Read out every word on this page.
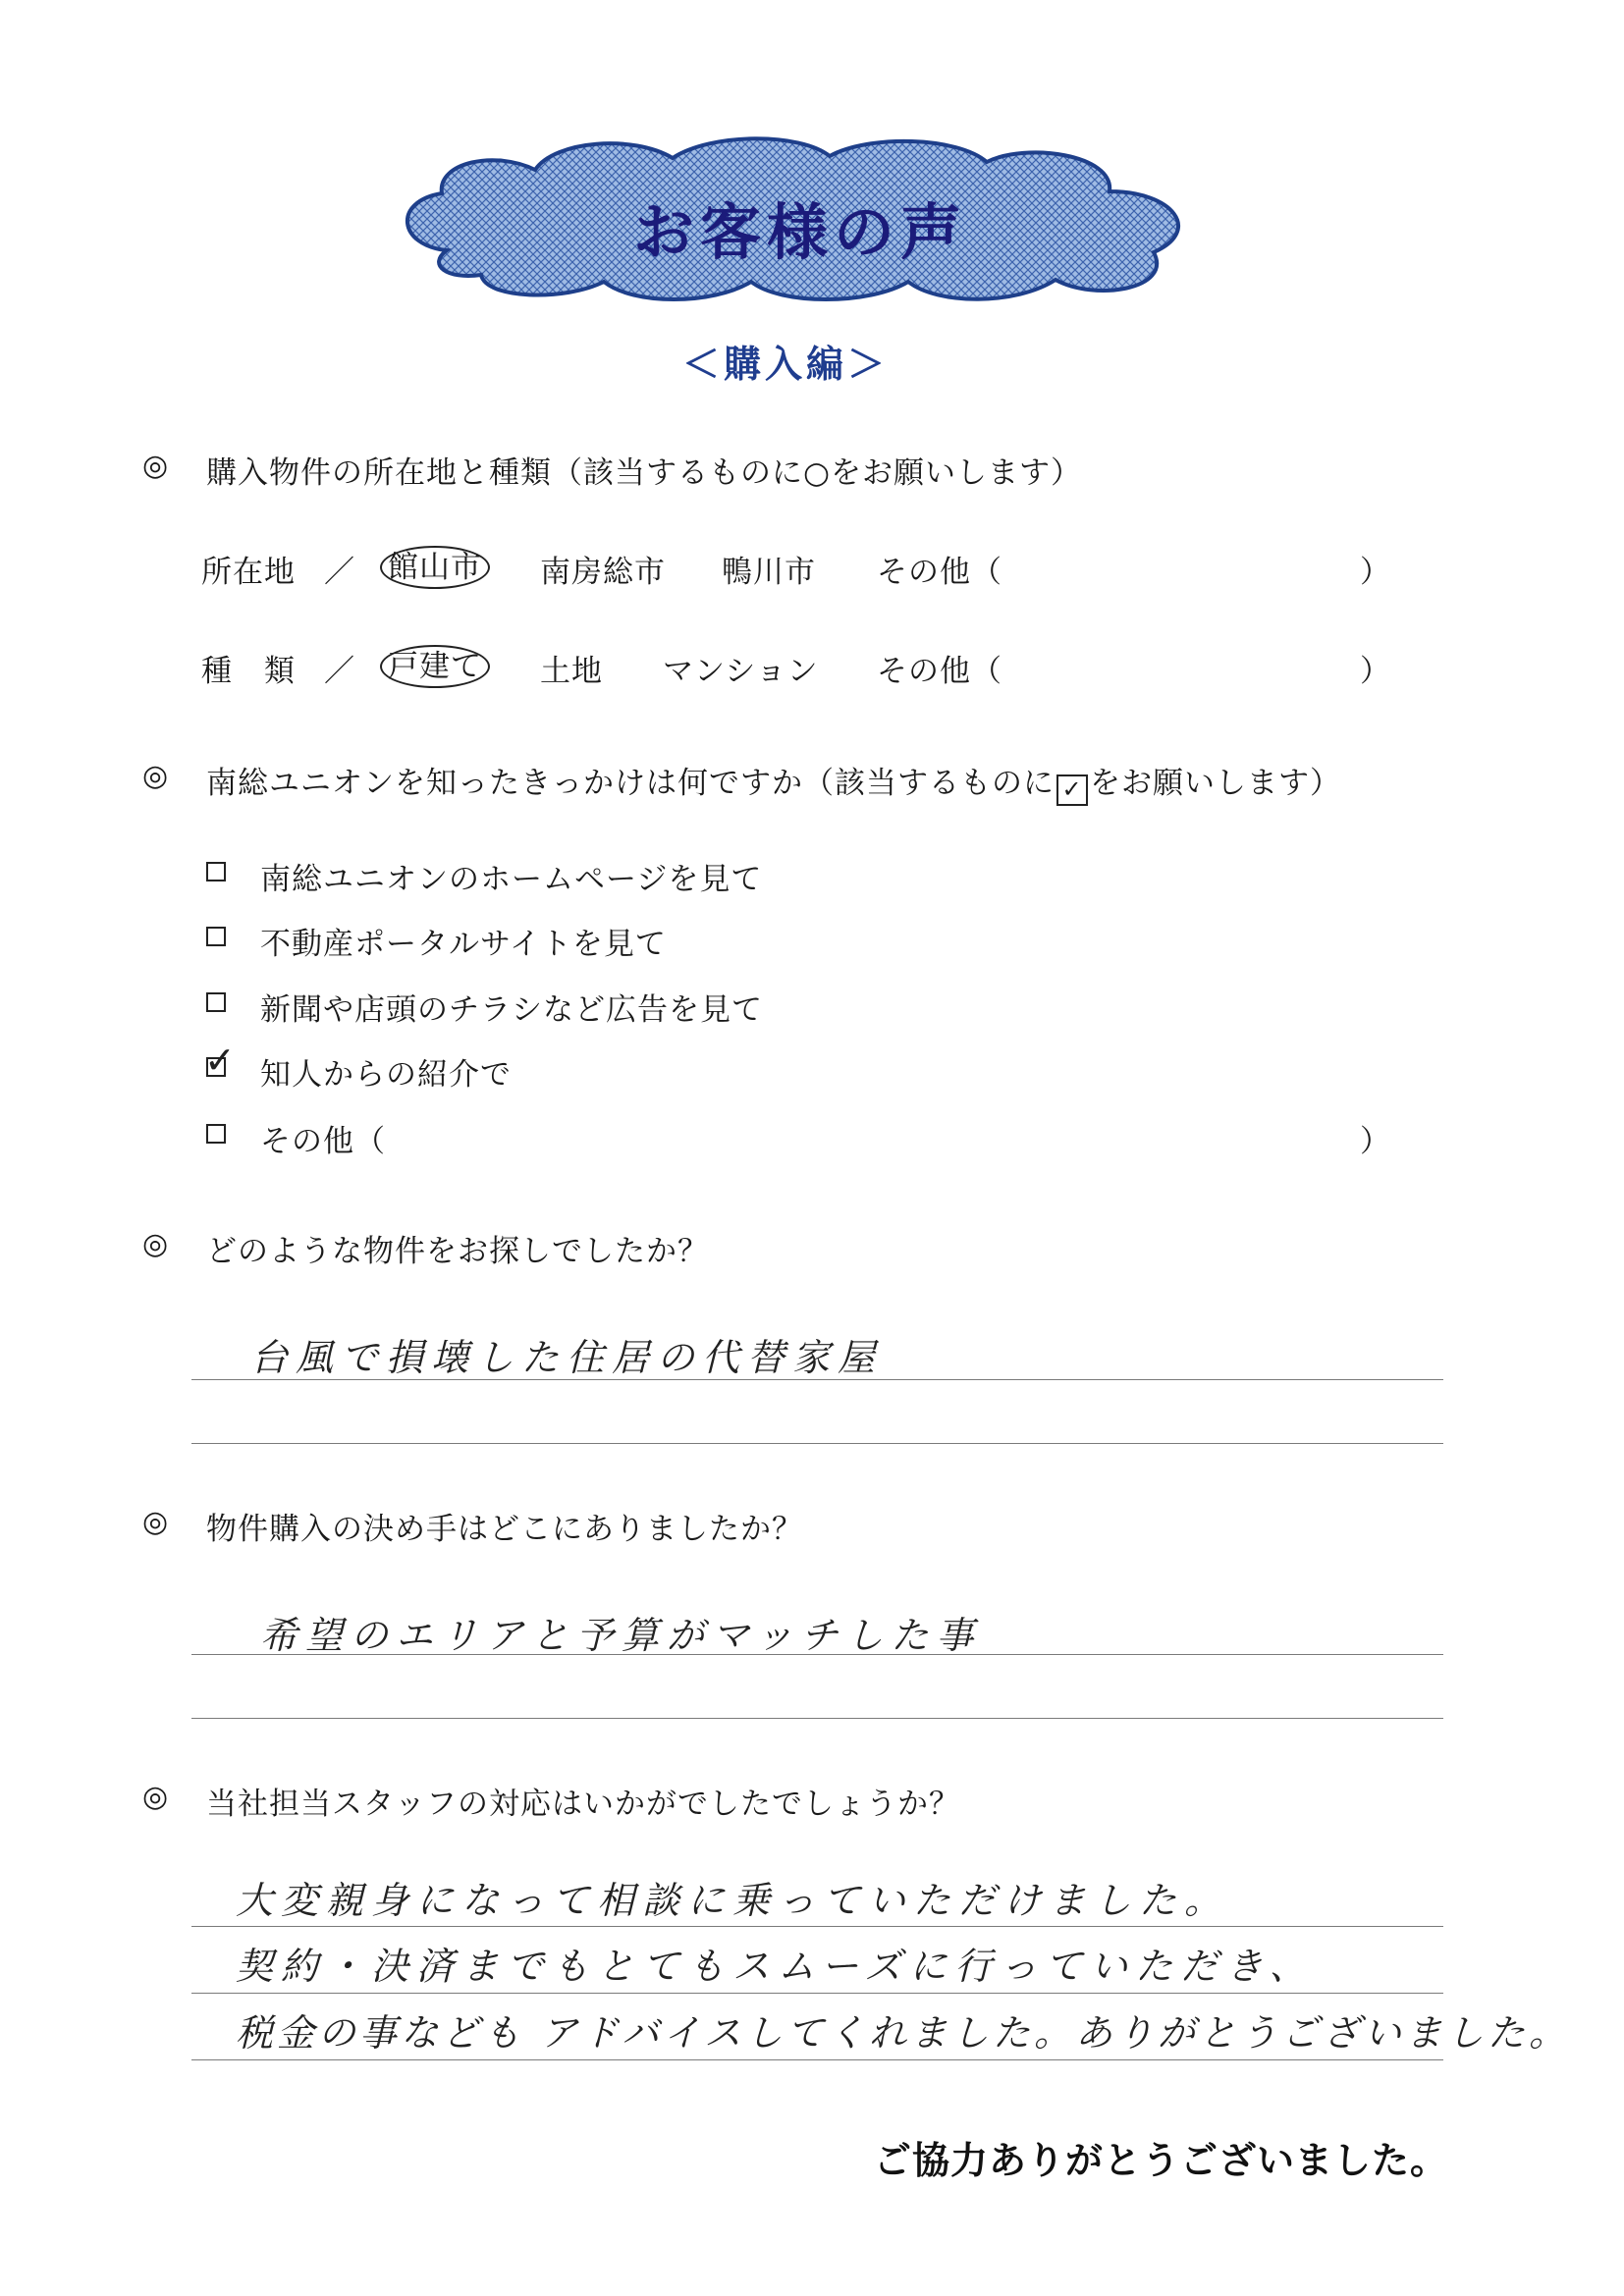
お客様の声
＜購入編＞
◎ 購入物件の所在地と種類（該当するものに○をお願いします）
所在地 ／ 館山市 南房総市 鴨川市 その他（	）
種　類 ／ 戸建て 土地 マンション その他（	）
◎ 南総ユニオンを知ったきっかけは何ですか（該当するものに ✓ をお願いします）
南総ユニオンのホームページを見て
不動産ポータルサイトを見て
新聞や店頭のチラシなど広告を見て
✓ 知人からの紹介で
その他（	）
◎ どのような物件をお探しでしたか？
台風で損壊した住居の代替家屋
◎ 物件購入の決め手はどこにありましたか？
希望のエリアと予算がマッチした事
◎ 当社担当スタッフの対応はいかがでしたでしょうか？
大変親身になって相談に乗っていただけました。
契約・決済までもとてもスムーズに行っていただき、
税金の事なども アドバイスしてくれました。ありがとうございました。
ご協力ありがとうございました。
